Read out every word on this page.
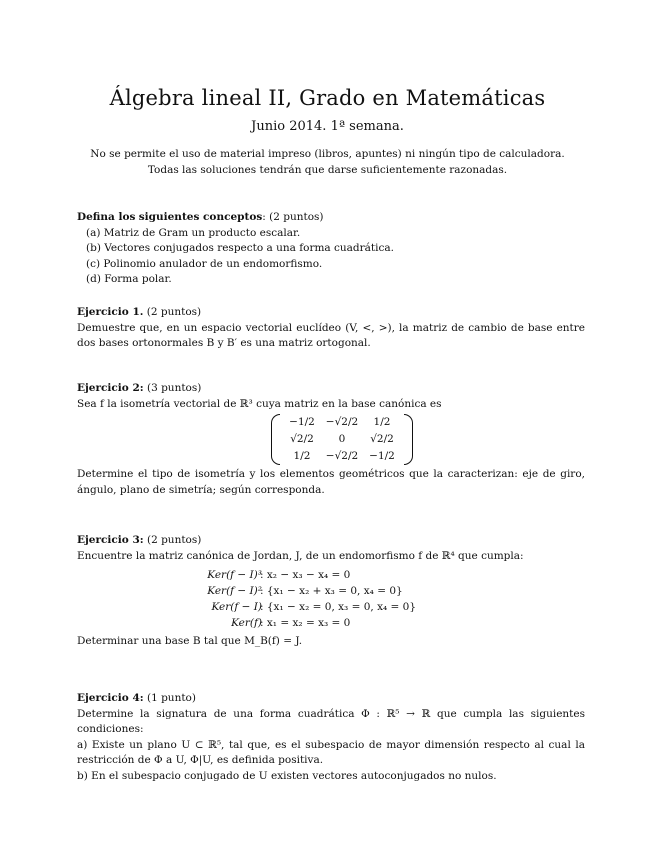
Álgebra lineal II, Grado en Matemáticas
Junio 2014. 1ª semana.
No se permite el uso de material impreso (libros, apuntes) ni ningún tipo de calculadora.
Todas las soluciones tendrán que darse suficientemente razonadas.
Defina los siguientes conceptos: (2 puntos)
(a) Matriz de Gram un producto escalar.
(b) Vectores conjugados respecto a una forma cuadrática.
(c) Polinomio anulador de un endomorfismo.
(d) Forma polar.
Ejercicio 1. (2 puntos)
Demuestre que, en un espacio vectorial euclídeo (V, <, >), la matriz de cambio de base entre dos bases ortonormales B y B′ es una matriz ortogonal.
Ejercicio 2: (3 puntos)
Sea f la isometría vectorial de ℝ³ cuya matriz en la base canónica es
−1/2 −√2/2 1/2
√2/2 0 √2/2
1/2 −√2/2 −1/2
Determine el tipo de isometría y los elementos geométricos que la caracterizan: eje de giro, ángulo, plano de simetría; según corresponda.
Ejercicio 3: (2 puntos)
Encuentre la matriz canónica de Jordan, J, de un endomorfismo f de ℝ⁴ que cumpla:
Ker(f − I)³
: x₂ − x₃ − x₄ = 0
Ker(f − I)²
: {x₁ − x₂ + x₃ = 0, x₄ = 0}
Ker(f − I)
: {x₁ − x₂ = 0, x₃ = 0, x₄ = 0}
Ker(f)
: x₁ = x₂ = x₃ = 0
Determinar una base B tal que M_B(f) = J.
Ejercicio 4: (1 punto)
Determine la signatura de una forma cuadrática Φ : ℝ⁵ → ℝ que cumpla las siguientes condiciones:
a) Existe un plano U ⊂ ℝ⁵, tal que, es el subespacio de mayor dimensión respecto al cual la restricción de Φ a U, Φ|U, es definida positiva.
b) En el subespacio conjugado de U existen vectores autoconjugados no nulos.
